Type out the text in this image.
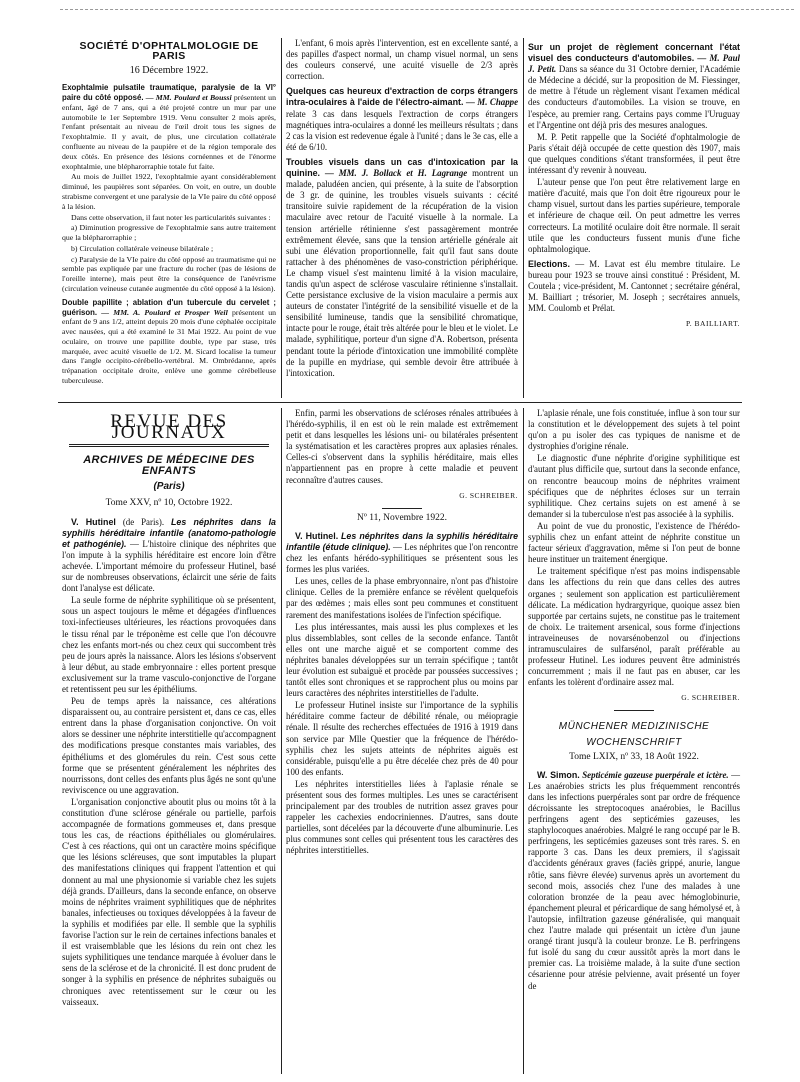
SOCIÉTÉ D'OPHTALMOLOGIE DE PARIS
16 Décembre 1922.

Exophtalmie pulsatile traumatique, paralysie de la VI° paire du côté opposé. — MM. Poulard et Boussi présentent un enfant, âgé de 7 ans, qui a été projeté contre un mur par une automobile le 1er Septembre 1919. Venu consulter 2 mois après, l'enfant présentait au niveau de l'œil droit tous les signes de l'exophtalmie. Il y avait, de plus, une circulation collatérale confluente au niveau de la paupière et de la région temporale des deux côtés. En présence des lésions cornéennes et de l'énorme exophtalmie, une blépharorraphie totale fut faite.

Au mois de Juillet 1922, l'exophtalmie ayant considérablement diminué, les paupières sont séparées. On voit, en outre, un double strabisme convergent et une paralysie de la VIe paire du côté opposé à la lésion.

Dans cette observation, il faut noter les particularités suivantes :

a) Diminution progressive de l'exophtalmie sans autre traitement que la blépharorraphie ;

b) Circulation collatérale veineuse bilatérale ;

c) Paralysie de la VIe paire du côté opposé au traumatisme qui ne semble pas expliquée par une fracture du rocher (pas de lésions de l'oreille interne), mais peut être la conséquence de l'anévrisme (circulation veineuse cutanée augmentée du côté opposé à la lésion).

Double papillite ; ablation d'un tubercule du cervelet ; guérison. — MM. A. Poulard et Prosper Weil présentent un enfant de 9 ans 1/2, atteint depuis 20 mois d'une céphalée occipitale avec nausées, qui a été examiné le 31 Mai 1922. Au point de vue oculaire, on trouve une papillite double, type par stase, très marquée, avec acuité visuelle de 1/2. M. Sicard localise la tumeur dans l'angle occipito-cérébello-vertébral. M. Ombrédanne, après trépanation occipitale droite, enlève une gomme cérébelleuse tuberculeuse.

L'enfant, 6 mois après l'intervention, est en excellente santé, a des papilles d'aspect normal, un champ visuel normal, un sens des couleurs conservé, une acuité visuelle de 2/3 après correction.

Quelques cas heureux d'extraction de corps étrangers intra-oculaires à l'aide de l'électro-aimant. — M. Chappe relate 3 cas dans lesquels l'extraction de corps étrangers magnétiques intra-oculaires a donné les meilleurs résultats ; dans 2 cas la vision est redevenue égale à l'unité ; dans le 3e cas, elle a été de 6/10.

Troubles visuels dans un cas d'intoxication par la quinine. — MM. J. Bollack et H. Lagrange montrent un malade, paludéen ancien, qui présente, à la suite de l'absorption de 3 gr. de quinine, les troubles visuels suivants : cécité transitoire suivie rapidement de la récupération de la vision maculaire avec retour de l'acuité visuelle à la normale. La tension artérielle rétinienne s'est passagèrement montrée extrêmement élevée, sans que la tension artérielle générale ait subi une élévation proportionnelle, fait qu'il faut sans doute rattacher à des phénomènes de vaso-constriction périphérique. Le champ visuel s'est maintenu limité à la vision maculaire, tandis qu'un aspect de sclérose vasculaire rétinienne s'installait. Cette persistance exclusive de la vision maculaire a permis aux auteurs de constater l'intégrité de la sensibilité visuelle et de la sensibilité lumineuse, tandis que la sensibilité chromatique, intacte pour le rouge, était très altérée pour le bleu et le violet. Le malade, syphilitique, porteur d'un signe d'A. Robertson, présenta pendant toute la période d'intoxication une immobilité complète de la pupille en mydriase, qui semble devoir être attribuée à l'intoxication.

Sur un projet de règlement concernant l'état visuel des conducteurs d'automobiles. — M. Paul J. Petit. Dans sa séance du 31 Octobre dernier, l'Académie de Médecine a décidé, sur la proposition de M. Fiessinger, de mettre à l'étude un règlement visant l'examen médical des conducteurs d'automobiles. La vision se trouve, en l'espèce, au premier rang. Certains pays comme l'Uruguay et l'Argentine ont déjà pris des mesures analogues.

M. P. Petit rappelle que la Société d'ophtalmologie de Paris s'était déjà occupée de cette question dès 1907, mais que quelques conditions s'étant transformées, il peut être intéressant d'y revenir à nouveau.

L'auteur pense que l'on peut être relativement large en matière d'acuité, mais que l'on doit être rigoureux pour le champ visuel, surtout dans les parties supérieure, temporale et inférieure de chaque œil. On peut admettre les verres correcteurs. La motilité oculaire doit être normale. Il serait utile que les conducteurs fussent munis d'une fiche ophtalmologique.

Elections. — M. Lavat est élu membre titulaire. Le bureau pour 1923 se trouve ainsi constitué : Président, M. Coutela ; vice-président, M. Cantonnet ; secrétaire général, M. Bailliart ; trésorier, M. Joseph ; secrétaires annuels, MM. Coulomb et Prélat.

P. BAILLIART.

REVUE DES JOURNAUX
ARCHIVES DE MÉDECINE DES ENFANTS
(Paris)
Tome XXV, nº 10, Octobre 1922.

V. Hutinel (de Paris). Les néphrites dans la syphilis héréditaire infantile (anatomo-pathologie et pathogénie). — L'histoire clinique des néphrites que l'on impute à la syphilis héréditaire est encore loin d'être achevée. L'important mémoire du professeur Hutinel, basé sur de nombreuses observations, éclaircit une série de faits dont l'analyse est délicate.

La seule forme de néphrite syphilitique où se présentent, sous un aspect toujours le même et dégagées d'influences toxi-infectieuses ultérieures, les réactions provoquées dans le tissu rénal par le tréponème est celle que l'on découvre chez les enfants mort-nés ou chez ceux qui succombent très peu de jours après la naissance. Alors les lésions s'observent à leur début, au stade embryonnaire : elles portent presque exclusivement sur la trame vasculo-conjonctive de l'organe et retentissent peu sur les épithéliums.

Peu de temps après la naissance, ces altérations disparaissent ou, au contraire persistent et, dans ce cas, elles entrent dans la phase d'organisation conjonctive. On voit alors se dessiner une néphrite interstitielle qu'accompagnent des modifications presque constantes mais variables, des épithéliums et des glomérules du rein. C'est sous cette forme que se présentent généralement les néphrites des nourrissons, dont celles des enfants plus âgés ne sont qu'une reviviscence ou une aggravation.

L'organisation conjonctive aboutit plus ou moins tôt à la constitution d'une sclérose générale ou partielle, parfois accompagnée de formations gommeuses et, dans presque tous les cas, de réactions épithéliales ou glomérulaires. C'est à ces réactions, qui ont un caractère moins spécifique que les lésions scléreuses, que sont imputables la plupart des manifestations cliniques qui frappent l'attention et qui donnent au mal une physionomie si variable chez les sujets déjà grands. D'ailleurs, dans la seconde enfance, on observe moins de néphrites vraiment syphilitiques que de néphrites banales, infectieuses ou toxiques développées à la faveur de la syphilis et modifiées par elle. Il semble que la syphilis favorise l'action sur le rein de certaines infections banales et il est vraisemblable que les lésions du rein ont chez les sujets syphilitiques une tendance marquée à évoluer dans le sens de la sclérose et de la chronicité. Il est donc prudent de songer à la syphilis en présence de néphrites subaiguës ou chroniques avec retentissement sur le cœur ou les vaisseaux.

Enfin, parmi les observations de scléroses rénales attribuées à l'hérédo-syphilis, il en est où le rein malade est extrêmement petit et dans lesquelles les lésions uni- ou bilatérales présentent la systématisation et les caractères propres aux aplasies rénales. Celles-ci s'observent dans la syphilis héréditaire, mais elles n'appartiennent pas en propre à cette maladie et peuvent reconnaître d'autres causes.

G. SCHREIBER.

Nº 11, Novembre 1922.

V. Hutinel. Les néphrites dans la syphilis héréditaire infantile (étude clinique). — Les néphrites que l'on rencontre chez les enfants hérédo-syphilitiques se présentent sous les formes les plus variées.

Les unes, celles de la phase embryonnaire, n'ont pas d'histoire clinique. Celles de la première enfance se révèlent quelquefois par des œdèmes ; mais elles sont peu communes et constituent rarement des manifestations isolées de l'infection spécifique.

Les plus intéressantes, mais aussi les plus complexes et les plus dissemblables, sont celles de la seconde enfance. Tantôt elles ont une marche aiguë et se comportent comme des néphrites banales développées sur un terrain spécifique ; tantôt leur évolution est subaiguë et procède par poussées successives ; tantôt elles sont chroniques et se rapprochent plus ou moins par leurs caractères des néphrites interstitielles de l'adulte.

Le professeur Hutinel insiste sur l'importance de la syphilis héréditaire comme facteur de débilité rénale, ou méiopragie rénale. Il résulte des recherches effectuées de 1916 à 1919 dans son service par Mlle Questier que la fréquence de l'hérédo-syphilis chez les sujets atteints de néphrites aiguës est considérable, puisqu'elle a pu être décelée chez près de 40 pour 100 des enfants.

Les néphrites interstitielles liées à l'aplasie rénale se présentent sous des formes multiples. Les unes se caractérisent principalement par des troubles de nutrition assez graves pour rappeler les cachexies endocriniennes. D'autres, sans doute partielles, sont décelées par la découverte d'une albuminurie. Les plus communes sont celles qui présentent tous les caractères des néphrites interstitielles.

L'aplasie rénale, une fois constituée, influe à son tour sur la constitution et le développement des sujets à tel point qu'on a pu isoler des cas typiques de nanisme et de dystrophies d'origine rénale.

Le diagnostic d'une néphrite d'origine syphilitique est d'autant plus difficile que, surtout dans la seconde enfance, on rencontre beaucoup moins de néphrites vraiment spécifiques que de néphrites écloses sur un terrain syphilitique. Chez certains sujets on est amené à se demander si la tuberculose n'est pas associée à la syphilis.

Au point de vue du pronostic, l'existence de l'hérédo-syphilis chez un enfant atteint de néphrite constitue un facteur sérieux d'aggravation, même si l'on peut de bonne heure instituer un traitement énergique.

Le traitement spécifique n'est pas moins indispensable dans les affections du rein que dans celles des autres organes ; seulement son application est particulièrement délicate. La médication hydrargyrique, quoique assez bien supportée par certains sujets, ne constitue pas le traitement de choix. Le traitement arsenical, sous forme d'injections intraveineuses de novarsénobenzol ou d'injections intramusculaires de sulfarsénol, paraît préférable au professeur Hutinel. Les iodures peuvent être administrés concurremment ; mais il ne faut pas en abuser, car les enfants les tolèrent d'ordinaire assez mal.

G. SCHREIBER.

MÜNCHENER MEDIZINISCHE
WOCHENSCHRIFT
Tome LXIX, nº 33, 18 Août 1922.

W. Simon. Septicémie gazeuse puerpérale et ictère. — Les anaérobies stricts les plus fréquemment rencontrés dans les infections puerpérales sont par ordre de fréquence décroissante les streptocoques anaérobies, le Bacillus perfringens agent des septicémies gazeuses, les staphylocoques anaérobies. Malgré le rang occupé par le B. perfringens, les septicémies gazeuses sont très rares. S. en rapporte 3 cas. Dans les deux premiers, il s'agissait d'accidents généraux graves (faciès grippé, anurie, langue rôtie, sans fièvre élevée) survenus après un avortement du second mois, associés chez l'une des malades à une coloration bronzée de la peau avec hémoglobinurie, épanchement pleural et péricardique de sang hémolysé et, à l'autopsie, infiltration gazeuse généralisée, qui manquait chez l'autre malade qui présentait un ictère d'un jaune orangé tirant jusqu'à la couleur bronze. Le B. perfringens fut isolé du sang du cœur aussitôt après la mort dans le premier cas. La troisième malade, à la suite d'une section césarienne pour atrésie pelvienne, avait présenté un foyer de
